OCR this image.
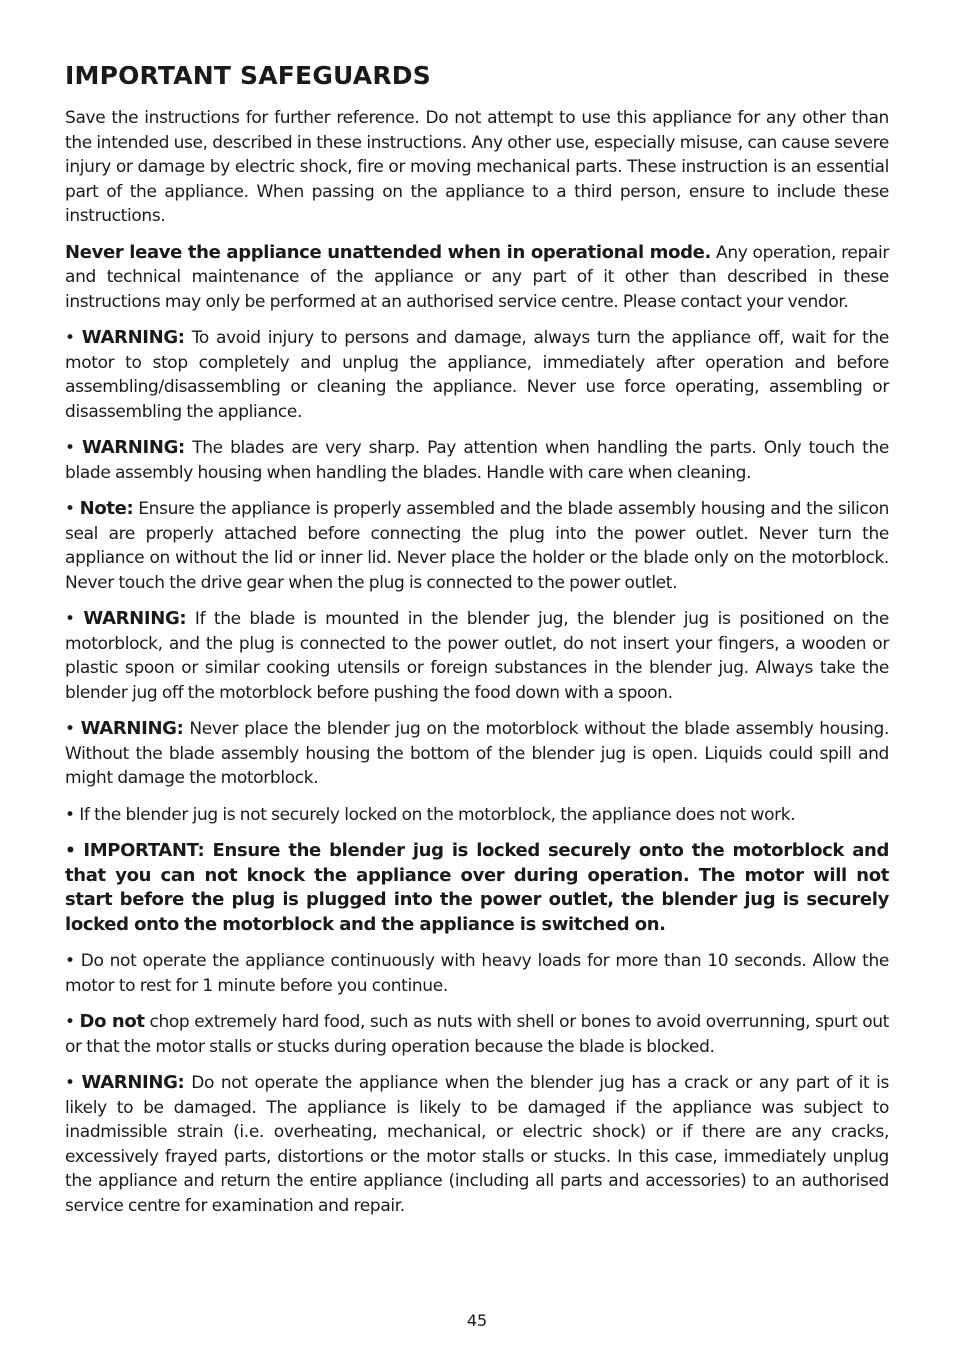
IMPORTANT SAFEGUARDS

Save the instructions for further reference. Do not attempt to use this appliance for any other than the intended use, described in these instructions. Any other use, especially misuse, can cause severe injury or damage by electric shock, fire or moving mechanical parts. These instruction is an essential part of the appliance. When passing on the appliance to a third person, ensure to include these instructions.

Never leave the appliance unattended when in operational mode. Any operation, repair and technical maintenance of the appliance or any part of it other than described in these instructions may only be performed at an authorised service centre. Please contact your vendor.

• WARNING: To avoid injury to persons and damage, always turn the appliance off, wait for the motor to stop completely and unplug the appliance, immediately after operation and before assembling/disassembling or cleaning the appliance. Never use force operating, assembling or disassembling the appliance.

• WARNING: The blades are very sharp. Pay attention when handling the parts. Only touch the blade assembly housing when handling the blades. Handle with care when cleaning.

• Note: Ensure the appliance is properly assembled and the blade assembly housing and the silicon seal are properly attached before connecting the plug into the power outlet. Never turn the appliance on without the lid or inner lid. Never place the holder or the blade only on the motorblock. Never touch the drive gear when the plug is connected to the power outlet.

• WARNING: If the blade is mounted in the blender jug, the blender jug is positioned on the motorblock, and the plug is connected to the power outlet, do not insert your fingers, a wooden or plastic spoon or similar cooking utensils or foreign substances in the blender jug. Always take the blender jug off the motorblock before pushing the food down with a spoon.

• WARNING: Never place the blender jug on the motorblock without the blade assembly housing. Without the blade assembly housing the bottom of the blender jug is open. Liquids could spill and might damage the motorblock.

• If the blender jug is not securely locked on the motorblock, the appliance does not work.

• IMPORTANT: Ensure the blender jug is locked securely onto the motorblock and that you can not knock the appliance over during operation. The motor will not start before the plug is plugged into the power outlet, the blender jug is securely locked onto the motorblock and the appliance is switched on.

• Do not operate the appliance continuously with heavy loads for more than 10 seconds. Allow the motor to rest for 1 minute before you continue.

• Do not chop extremely hard food, such as nuts with shell or bones to avoid overrunning, spurt out or that the motor stalls or stucks during operation because the blade is blocked.

• WARNING: Do not operate the appliance when the blender jug has a crack or any part of it is likely to be damaged. The appliance is likely to be damaged if the appliance was subject to inadmissible strain (i.e. overheating, mechanical, or electric shock) or if there are any cracks, excessively frayed parts, distortions or the motor stalls or stucks. In this case, immediately unplug the appliance and return the entire appliance (including all parts and accessories) to an authorised service centre for examination and repair.

45
